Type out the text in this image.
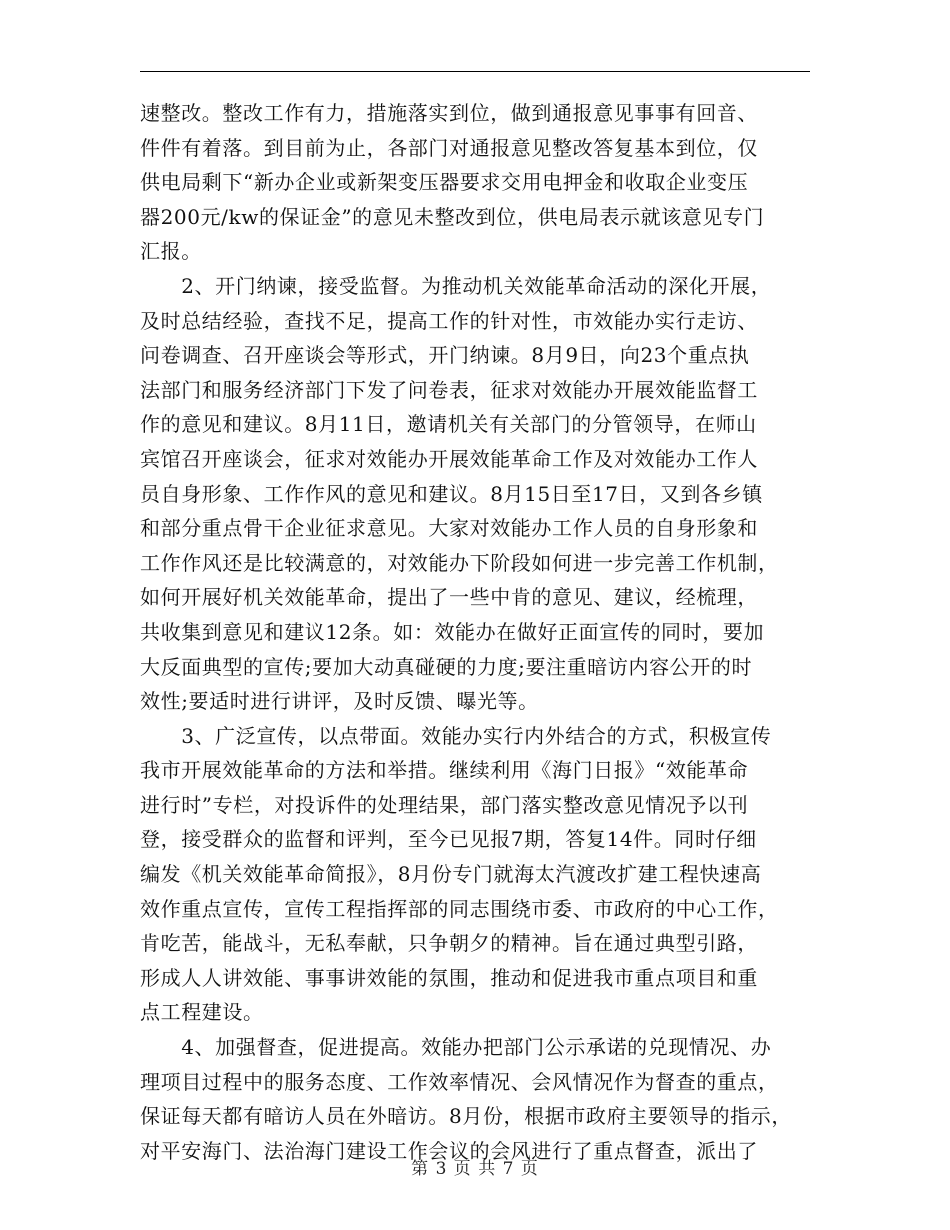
速整改。整改工作有力，措施落实到位，做到通报意见事事有回音、
件件有着落。到目前为止，各部门对通报意见整改答复基本到位，仅
供电局剩下“新办企业或新架变压器要求交用电押金和收取企业变压
器200元/kw的保证金”的意见未整改到位，供电局表示就该意见专门
汇报。
　　2、开门纳谏，接受监督。为推动机关效能革命活动的深化开展，
及时总结经验，查找不足，提高工作的针对性，市效能办实行走访、
问卷调查、召开座谈会等形式，开门纳谏。8月9日，向23个重点执
法部门和服务经济部门下发了问卷表，征求对效能办开展效能监督工
作的意见和建议。8月11日，邀请机关有关部门的分管领导，在师山
宾馆召开座谈会，征求对效能办开展效能革命工作及对效能办工作人
员自身形象、工作作风的意见和建议。8月15日至17日，又到各乡镇
和部分重点骨干企业征求意见。大家对效能办工作人员的自身形象和
工作作风还是比较满意的，对效能办下阶段如何进一步完善工作机制，
如何开展好机关效能革命，提出了一些中肯的意见、建议，经梳理，
共收集到意见和建议12条。如：效能办在做好正面宣传的同时，要加
大反面典型的宣传;要加大动真碰硬的力度;要注重暗访内容公开的时
效性;要适时进行讲评，及时反馈、曝光等。
　　3、广泛宣传，以点带面。效能办实行内外结合的方式，积极宣传
我市开展效能革命的方法和举措。继续利用《海门日报》“效能革命
进行时”专栏，对投诉件的处理结果，部门落实整改意见情况予以刊
登，接受群众的监督和评判，至今已见报7期，答复14件。同时仔细
编发《机关效能革命简报》，8月份专门就海太汽渡改扩建工程快速高
效作重点宣传，宣传工程指挥部的同志围绕市委、市政府的中心工作，
肯吃苦，能战斗，无私奉献，只争朝夕的精神。旨在通过典型引路，
形成人人讲效能、事事讲效能的氛围，推动和促进我市重点项目和重
点工程建设。
　　4、加强督查，促进提高。效能办把部门公示承诺的兑现情况、办
理项目过程中的服务态度、工作效率情况、会风情况作为督查的重点，
保证每天都有暗访人员在外暗访。8月份，根据市政府主要领导的指示，
对平安海门、法治海门建设工作会议的会风进行了重点督查，派出了
第 3 页 共 7 页
